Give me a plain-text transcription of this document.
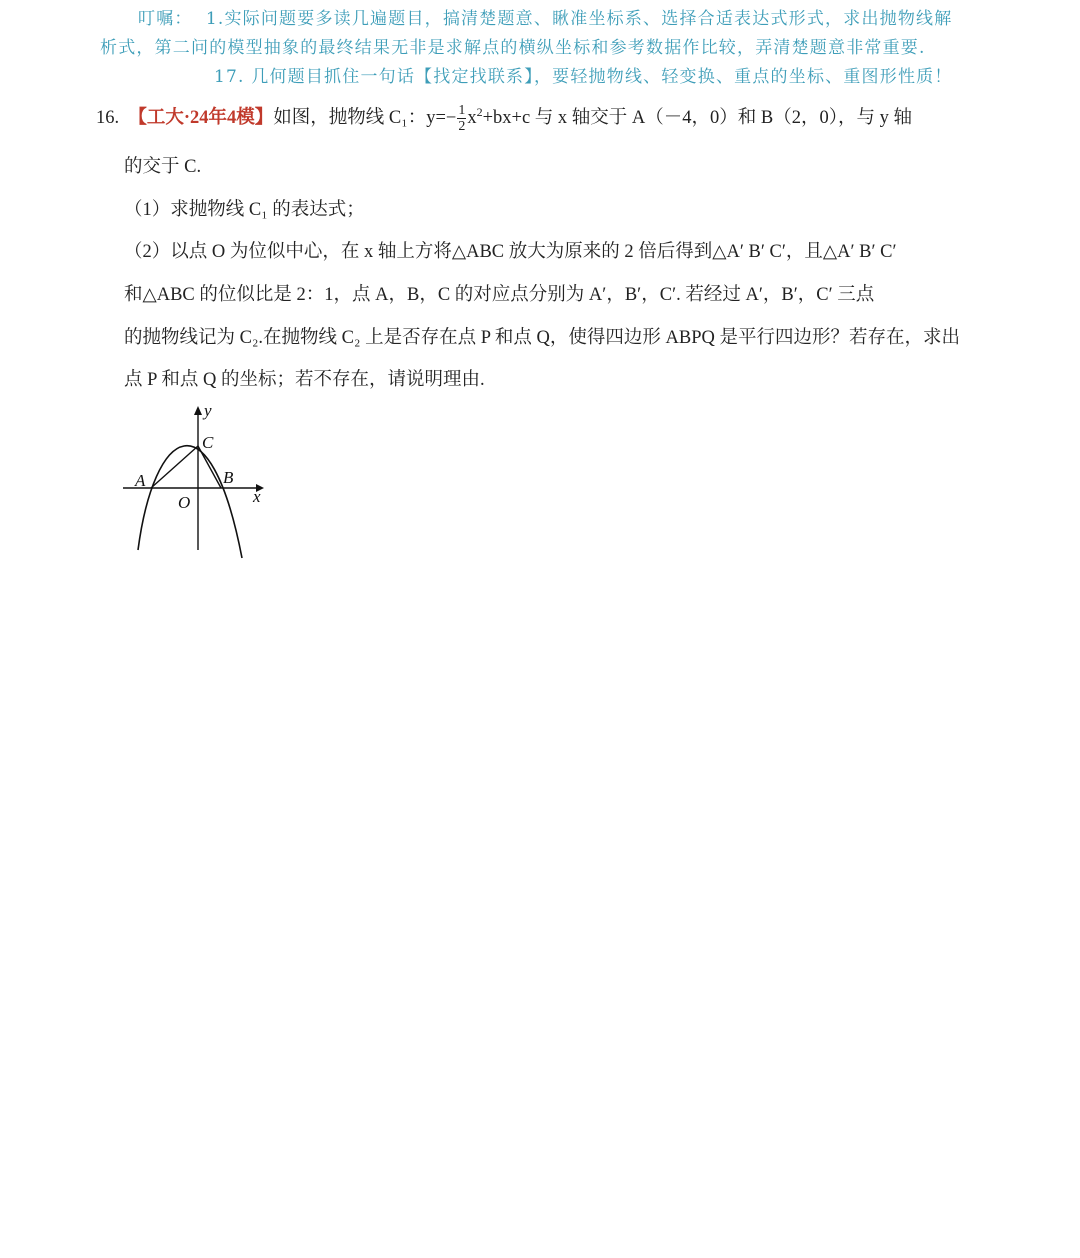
叮嘱： 1.实际问题要多读几遍题目，搞清楚题意、瞅准坐标系、选择合适表达式形式，求出抛物线解
析式，第二问的模型抽象的最终结果无非是求解点的横纵坐标和参考数据作比较，弄清楚题意非常重要.
17. 几何题目抓住一句话【找定找联系】，要轻抛物线、轻变换、重点的坐标、重图形性质！
16. 【工大·24年4模】如图，抛物线 C₁：$y=- \frac{1}{2} x^2+bx+c$ 与 x 轴交于 A（－4，0）和 B（2，0），与 y 轴
的交于 C.
（1）求抛物线 C₁ 的表达式；
（2）以点 O 为位似中心，在 x 轴上方将△ABC 放大为原来的 2 倍后得到△A′ B′ C′，且△A′ B′ C′
和△ABC 的位似比是 2：1，点 A，B，C 的对应点分别为 A′，B′，C′. 若经过 A′，B′，C′ 三点
的抛物线记为 C₂.在抛物线 C₂ 上是否存在点 P 和点 Q，使得四边形 ABPQ 是平行四边形？若存在，求出
点 P 和点 Q 的坐标；若不存在，请说明理由.
y
x
A	B
C
O
